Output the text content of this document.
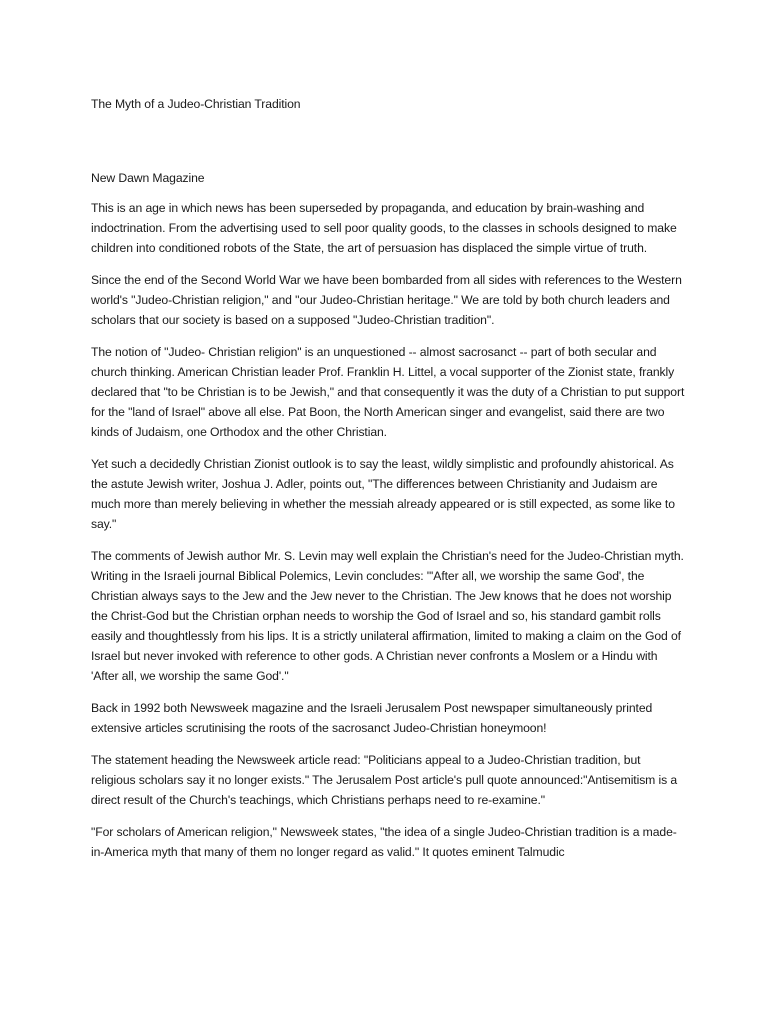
The Myth of a Judeo-Christian Tradition

New Dawn Magazine

This is an age in which news has been superseded by propaganda, and education by brain-washing and indoctrination. From the advertising used to sell poor quality goods, to the classes in schools designed to make children into conditioned robots of the State, the art of persuasion has displaced the simple virtue of truth.

Since the end of the Second World War we have been bombarded from all sides with references to the Western world's "Judeo-Christian religion," and "our Judeo-Christian heritage." We are told by both church leaders and scholars that our society is based on a supposed "Judeo-Christian tradition".

The notion of "Judeo- Christian religion" is an unquestioned -- almost sacrosanct -- part of both secular and church thinking. American Christian leader Prof. Franklin H. Littel, a vocal supporter of the Zionist state, frankly declared that "to be Christian is to be Jewish," and that consequently it was the duty of a Christian to put support for the "land of Israel" above all else. Pat Boon, the North American singer and evangelist, said there are two kinds of Judaism, one Orthodox and the other Christian.

Yet such a decidedly Christian Zionist outlook is to say the least, wildly simplistic and profoundly ahistorical. As the astute Jewish writer, Joshua J. Adler, points out, "The differences between Christianity and Judaism are much more than merely believing in whether the messiah already appeared or is still expected, as some like to say."

The comments of Jewish author Mr. S. Levin may well explain the Christian's need for the Judeo-Christian myth. Writing in the Israeli journal Biblical Polemics, Levin concludes: "'After all, we worship the same God', the Christian always says to the Jew and the Jew never to the Christian. The Jew knows that he does not worship the Christ-God but the Christian orphan needs to worship the God of Israel and so, his standard gambit rolls easily and thoughtlessly from his lips. It is a strictly unilateral affirmation, limited to making a claim on the God of Israel but never invoked with reference to other gods. A Christian never confronts a Moslem or a Hindu with 'After all, we worship the same God'."

Back in 1992 both Newsweek magazine and the Israeli Jerusalem Post newspaper simultaneously printed extensive articles scrutinising the roots of the sacrosanct Judeo-Christian honeymoon!

The statement heading the Newsweek article read: "Politicians appeal to a Judeo-Christian tradition, but religious scholars say it no longer exists." The Jerusalem Post article's pull quote announced:"Antisemitism is a direct result of the Church's teachings, which Christians perhaps need to re-examine."

"For scholars of American religion," Newsweek states, "the idea of a single Judeo-Christian tradition is a made-in-America myth that many of them no longer regard as valid." It quotes eminent Talmudic
